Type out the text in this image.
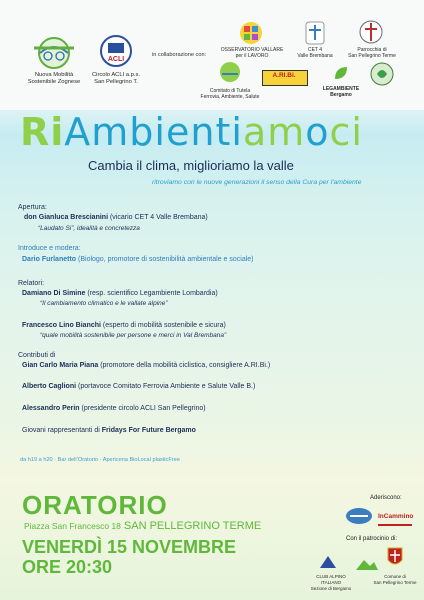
Nuova Mobilità
Sostenibile Zognese
ACLI
Circolo ACLI a.p.s.
San Pellegrino T.
in collaborazione con:
OSSERVATORIO VALLARE
per il LAVORO
CET 4
Valle Brembana
Parrocchia di
San Pellegrino Terme
Comitato di Tutela
Ferrovia, Ambiente, Salute
A.RI.Bi.
LEGAMBIENTE
Bergamo
RiAmbientiamoci
Cambia il clima, miglioriamo la valle
ritroviamo con le nuove generazioni il senso della Cura per l'ambiente
Apertura:
don Gianluca Brescianini (vicario CET 4 Valle Brembana)
“Laudato Si”, idealità e concretezza
Introduce e modera:
Dario Furlanetto (Biologo, promotore di sostenibilità ambientale e sociale)
Relatori:
Damiano Di Simine (resp. scientifico Legambiente Lombardia)
“Il cambiamento climatico e le vallate alpine”
Francesco Lino Bianchi (esperto di mobilità sostenibile e sicura)
“quale mobilità sostenibile per persone e merci in Val Brembana”
Contributi di
Gian Carlo Maria Piana (promotore della mobilità ciclistica, consigliere A.RI.Bi.)
Alberto Caglioni (portavoce Comitato Ferrovia Ambiente e Salute Valle B.)
Alessandro Perin (presidente circolo ACLI San Pellegrino)
Giovani rappresentanti di Fridays For Future Bergamo
da h19 a h20 · Bar dell’Oratorio · Apericena BioLocal plasticFree
ORATORIO
Piazza San Francesco 18 SAN PELLEGRINO TERME
VENERDÌ 15 NOVEMBRE
ORE 20:30
Aderiscono:
InCammino
Con il patrocinio di:
CLUB ALPINO ITALIANO
Sezione di Bergamo
Comune di
San Pellegrino Terme
